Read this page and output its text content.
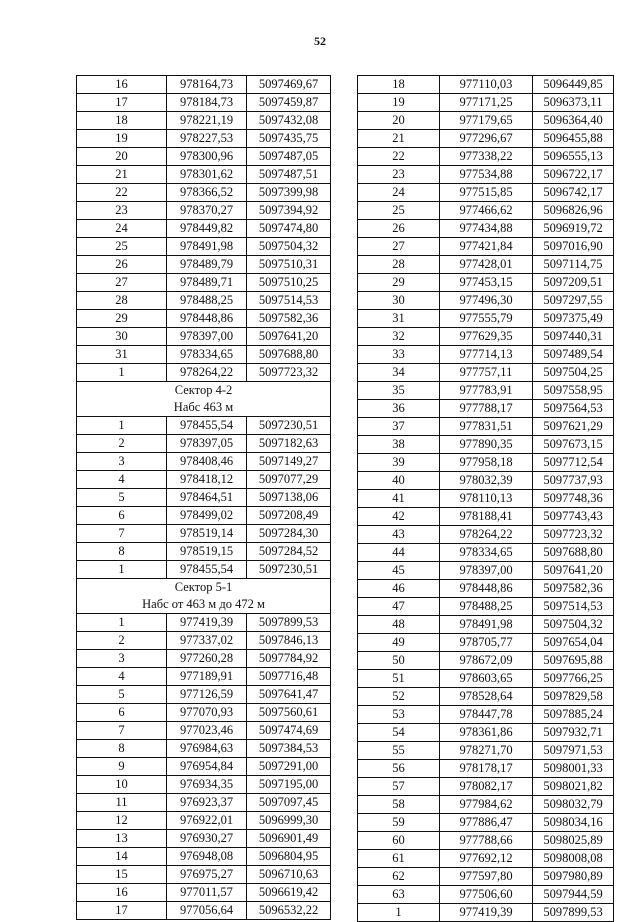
52
16	978164,73	5097469,67
17	978184,73	5097459,87
18	978221,19	5097432,08
19	978227,53	5097435,75
20	978300,96	5097487,05
21	978301,62	5097487,51
22	978366,52	5097399,98
23	978370,27	5097394,92
24	978449,82	5097474,80
25	978491,98	5097504,32
26	978489,79	5097510,31
27	978489,71	5097510,25
28	978488,25	5097514,53
29	978448,86	5097582,36
30	978397,00	5097641,20
31	978334,65	5097688,80
1	978264,22	5097723,32
Сектор 4-2		
Набс 463 м		
1	978455,54	5097230,51
2	978397,05	5097182,63
3	978408,46	5097149,27
4	978418,12	5097077,29
5	978464,51	5097138,06
6	978499,02	5097208,49
7	978519,14	5097284,30
8	978519,15	5097284,52
1	978455,54	5097230,51
Сектор 5-1		
Набс от 463 м до 472 м		
1	977419,39	5097899,53
2	977337,02	5097846,13
3	977260,28	5097784,92
4	977189,91	5097716,48
5	977126,59	5097641,47
6	977070,93	5097560,61
7	977023,46	5097474,69
8	976984,63	5097384,53
9	976954,84	5097291,00
10	976934,35	5097195,00
11	976923,37	5097097,45
12	976922,01	5096999,30
13	976930,27	5096901,49
14	976948,08	5096804,95
15	976975,27	5096710,63
16	977011,57	5096619,42
17	977056,64	5096532,22
18	977110,03	5096449,85
19	977171,25	5096373,11
20	977179,65	5096364,40
21	977296,67	5096455,88
22	977338,22	5096555,13
23	977534,88	5096722,17
24	977515,85	5096742,17
25	977466,62	5096826,96
26	977434,88	5096919,72
27	977421,84	5097016,90
28	977428,01	5097114,75
29	977453,15	5097209,51
30	977496,30	5097297,55
31	977555,79	5097375,49
32	977629,35	5097440,31
33	977714,13	5097489,54
34	977757,11	5097504,25
35	977783,91	5097558,95
36	977788,17	5097564,53
37	977831,51	5097621,29
38	977890,35	5097673,15
39	977958,18	5097712,54
40	978032,39	5097737,93
41	978110,13	5097748,36
42	978188,41	5097743,43
43	978264,22	5097723,32
44	978334,65	5097688,80
45	978397,00	5097641,20
46	978448,86	5097582,36
47	978488,25	5097514,53
48	978491,98	5097504,32
49	978705,77	5097654,04
50	978672,09	5097695,88
51	978603,65	5097766,25
52	978528,64	5097829,58
53	978447,78	5097885,24
54	978361,86	5097932,71
55	978271,70	5097971,53
56	978178,17	5098001,33
57	978082,17	5098021,82
58	977984,62	5098032,79
59	977886,47	5098034,16
60	977788,66	5098025,89
61	977692,12	5098008,08
62	977597,80	5097980,89
63	977506,60	5097944,59
1	977419,39	5097899,53
